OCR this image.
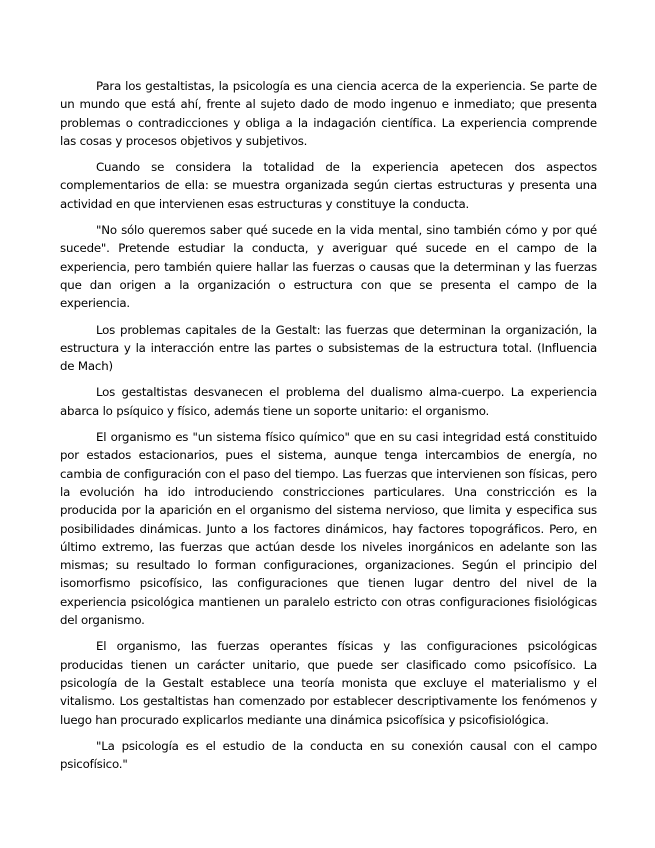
Para los gestaltistas, la psicología es una ciencia acerca de la experiencia. Se parte de un mundo que está ahí, frente al sujeto dado de modo ingenuo e inmediato; que presenta problemas o contradicciones y obliga a la indagación científica. La experiencia comprende las cosas y procesos objetivos y subjetivos.

Cuando se considera la totalidad de la experiencia apetecen dos aspectos complementarios de ella: se muestra organizada según ciertas estructuras y presenta una actividad en que intervienen esas estructuras y constituye la conducta.

"No sólo queremos saber qué sucede en la vida mental, sino también cómo y por qué sucede". Pretende estudiar la conducta, y averiguar qué sucede en el campo de la experiencia, pero también quiere hallar las fuerzas o causas que la determinan y las fuerzas que dan origen a la organización o estructura con que se presenta el campo de la experiencia.

Los problemas capitales de la Gestalt: las fuerzas que determinan la organización, la estructura y la interacción entre las partes o subsistemas de la estructura total. (Influencia de Mach)

Los gestaltistas desvanecen el problema del dualismo alma-cuerpo. La experiencia abarca lo psíquico y físico, además tiene un soporte unitario: el organismo.

El organismo es "un sistema físico químico" que en su casi integridad está constituido por estados estacionarios, pues el sistema, aunque tenga intercambios de energía, no cambia de configuración con el paso del tiempo. Las fuerzas que intervienen son físicas, pero la evolución ha ido introduciendo constricciones particulares. Una constricción es la producida por la aparición en el organismo del sistema nervioso, que limita y especifica sus posibilidades dinámicas. Junto a los factores dinámicos, hay factores topográficos. Pero, en último extremo, las fuerzas que actúan desde los niveles inorgánicos en adelante son las mismas; su resultado lo forman configuraciones, organizaciones. Según el principio del isomorfismo psicofísico, las configuraciones que tienen lugar dentro del nivel de la experiencia psicológica mantienen un paralelo estricto con otras configuraciones fisiológicas del organismo.

El organismo, las fuerzas operantes físicas y las configuraciones psicológicas producidas tienen un carácter unitario, que puede ser clasificado como psicofísico. La psicología de la Gestalt establece una teoría monista que excluye el materialismo y el vitalismo. Los gestaltistas han comenzado por establecer descriptivamente los fenómenos y luego han procurado explicarlos mediante una dinámica psicofísica y psicofisiológica.

"La psicología es el estudio de la conducta en su conexión causal con el campo psicofísico."
